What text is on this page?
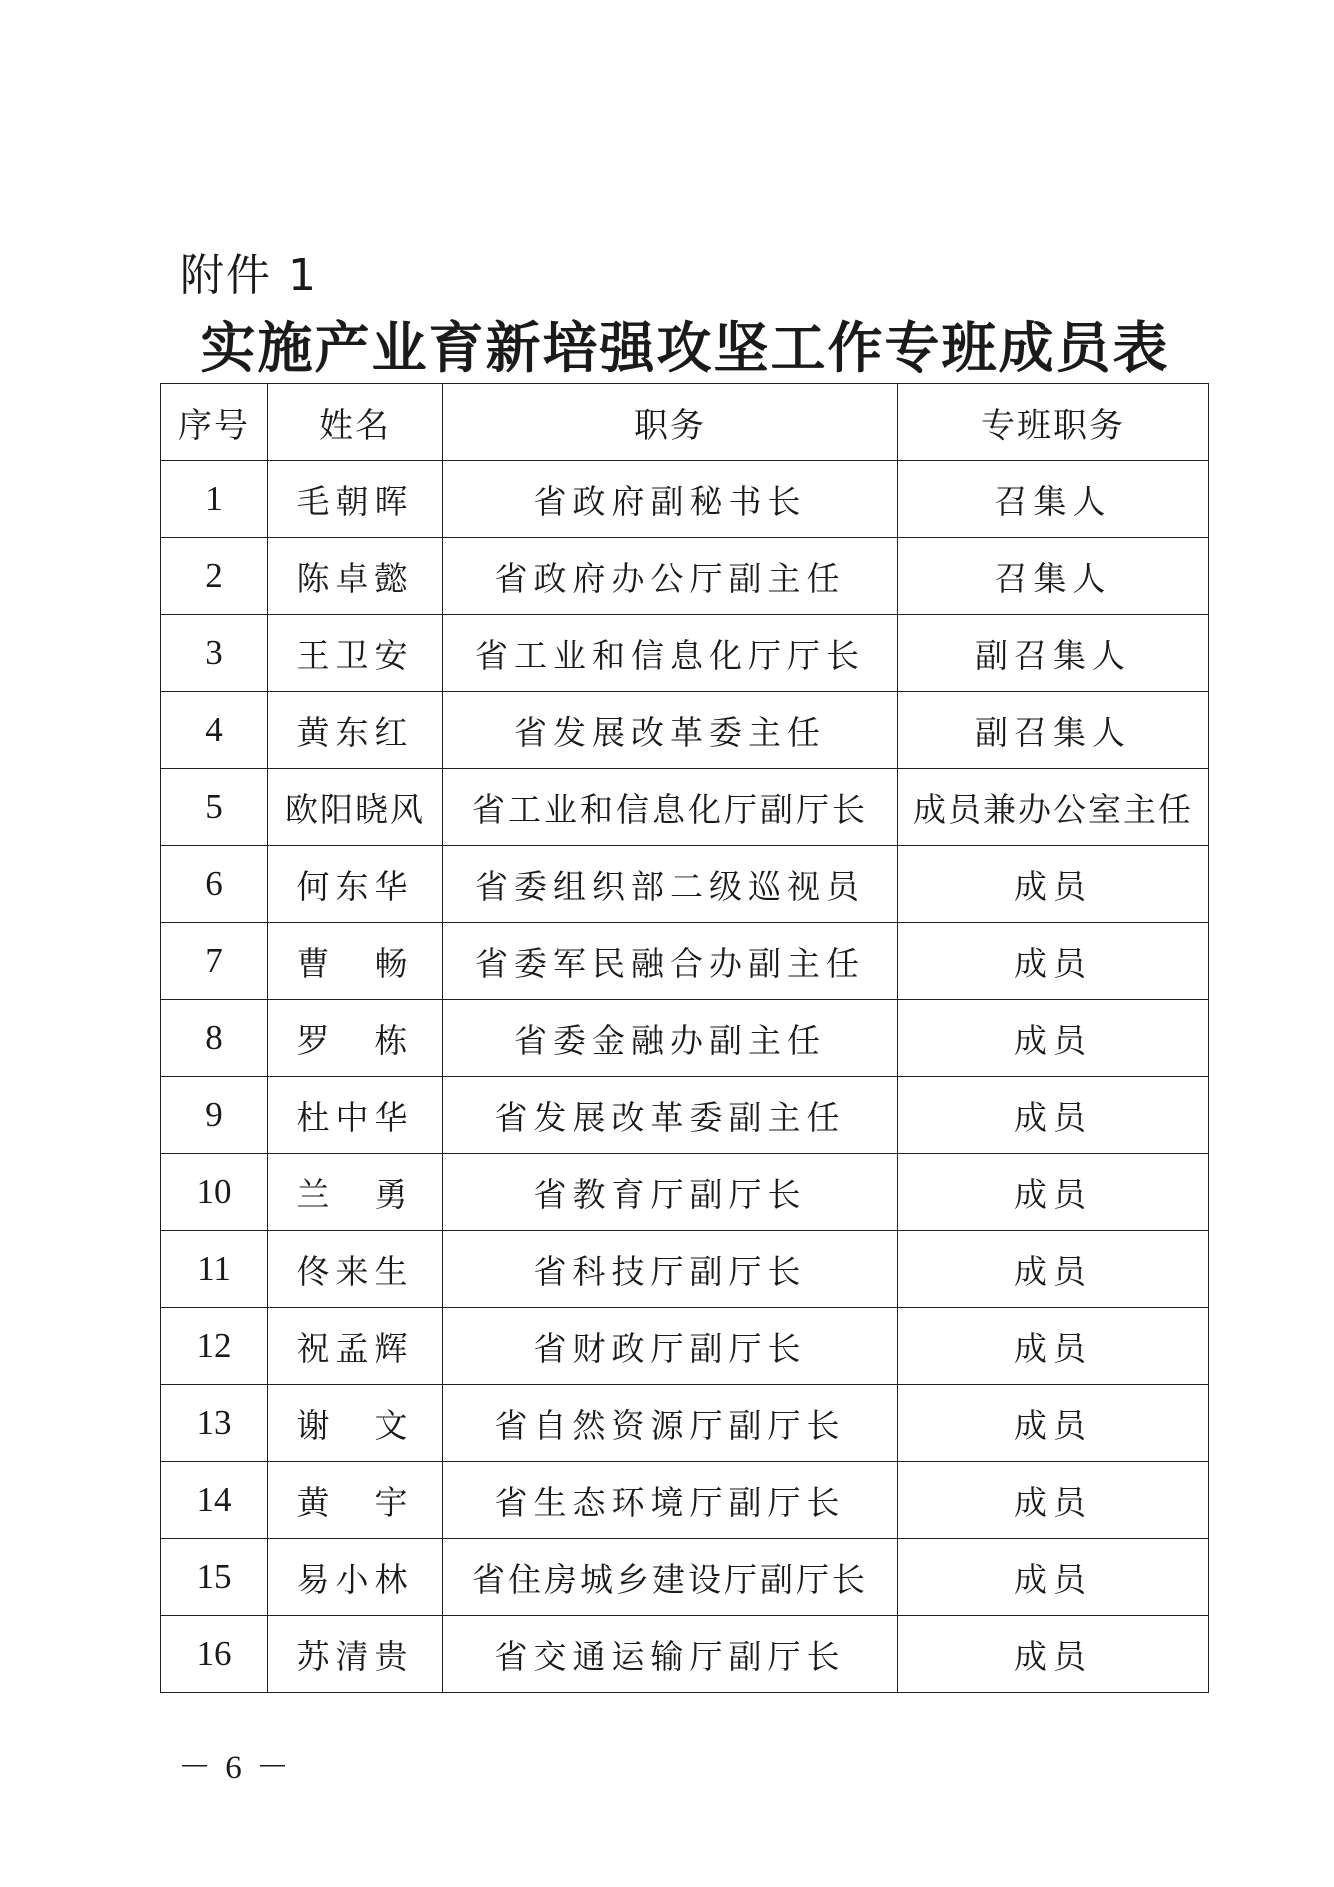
附件 1
实施产业育新培强攻坚工作专班成员表
序号	姓名	职务	专班职务
1	毛朝晖	省政府副秘书长	召集人
2	陈卓懿	省政府办公厅副主任	召集人
3	王卫安	省工业和信息化厅厅长	副召集人
4	黄东红	省发展改革委主任	副召集人
5	欧阳晓风	省工业和信息化厅副厅长	成员兼办公室主任
6	何东华	省委组织部二级巡视员	成员
7	曹　畅	省委军民融合办副主任	成员
8	罗　栋	省委金融办副主任	成员
9	杜中华	省发展改革委副主任	成员
10	兰　勇	省教育厅副厅长	成员
11	佟来生	省科技厅副厅长	成员
12	祝孟辉	省财政厅副厅长	成员
13	谢　文	省自然资源厅副厅长	成员
14	黄　宇	省生态环境厅副厅长	成员
15	易小林	省住房城乡建设厅副厅长	成员
16	苏清贵	省交通运输厅副厅长	成员
－ 6 －
